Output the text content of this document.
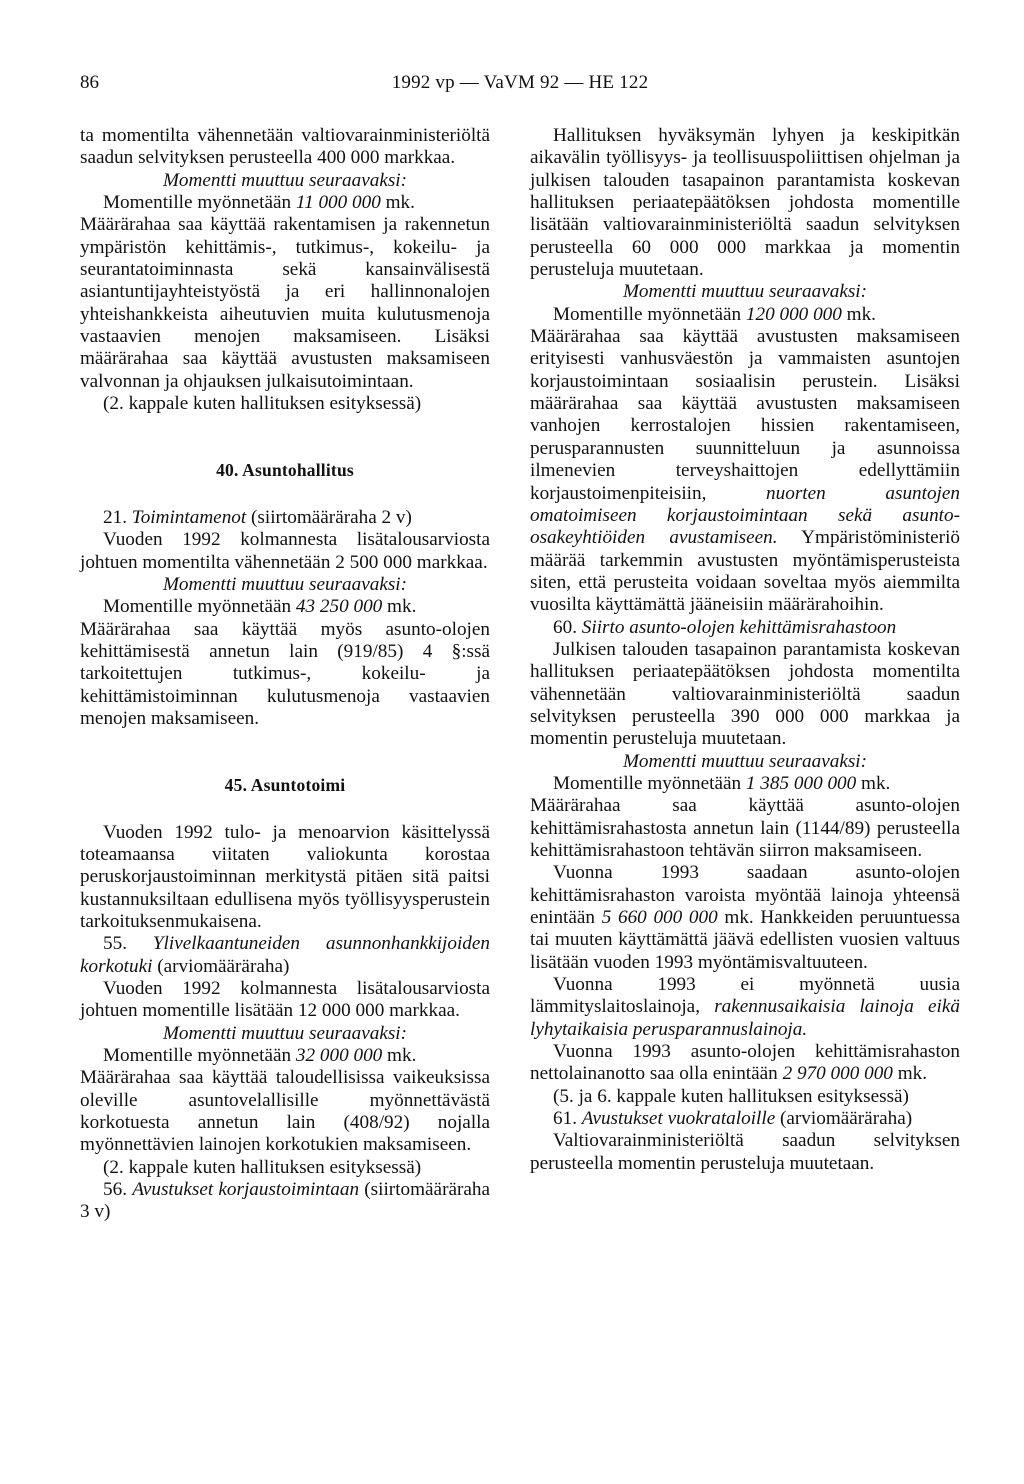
86	1992 vp — VaVM 92 — HE 122

ta momentilta vähennetään valtiovarainministeriöltä saadun selvityksen perusteella 400 000 markkaa.

Momentti muuttuu seuraavaksi:

Momentille myönnetään 11 000 000 mk.

Määrärahaa saa käyttää rakentamisen ja rakennetun ympäristön kehittämis-, tutkimus-, kokeilu- ja seurantatoiminnasta sekä kansainvälisestä asiantuntijayhteistyöstä ja eri hallinnonalojen yhteishankkeista aiheutuvien muita kulutusmenoja vastaavien menojen maksamiseen. Lisäksi määrärahaa saa käyttää avustusten maksamiseen valvonnan ja ohjauksen julkaisutoimintaan.

(2. kappale kuten hallituksen esityksessä)

40. Asuntohallitus

21. Toimintamenot (siirtomääräraha 2 v)

Vuoden 1992 kolmannesta lisätalousarviosta johtuen momentilta vähennetään 2 500 000 markkaa.

Momentti muuttuu seuraavaksi:

Momentille myönnetään 43 250 000 mk.

Määrärahaa saa käyttää myös asunto-olojen kehittämisestä annetun lain (919/85) 4 §:ssä tarkoitettujen tutkimus-, kokeilu- ja kehittämistoiminnan kulutusmenoja vastaavien menojen maksamiseen.

45. Asuntotoimi

Vuoden 1992 tulo- ja menoarvion käsittelyssä toteamaansa viitaten valiokunta korostaa peruskorjaustoiminnan merkitystä pitäen sitä paitsi kustannuksiltaan edullisena myös työllisyysperustein tarkoituksenmukaisena.

55. Ylivelkaantuneiden asunnonhankkijoiden korkotuki (arviomääräraha)

Vuoden 1992 kolmannesta lisätalousarviosta johtuen momentille lisätään 12 000 000 markkaa.

Momentti muuttuu seuraavaksi:

Momentille myönnetään 32 000 000 mk.

Määrärahaa saa käyttää taloudellisissa vaikeuksissa oleville asuntovelallisille myönnettävästä korkotuesta annetun lain (408/92) nojalla myönnettävien lainojen korkotukien maksamiseen.

(2. kappale kuten hallituksen esityksessä)

56. Avustukset korjaustoimintaan (siirtomääräraha 3 v)

Hallituksen hyväksymän lyhyen ja keskipitkän aikavälin työllisyys- ja teollisuuspoliittisen ohjelman ja julkisen talouden tasapainon parantamista koskevan hallituksen periaatepäätöksen johdosta momentille lisätään valtiovarainministeriöltä saadun selvityksen perusteella 60 000 000 markkaa ja momentin perusteluja muutetaan.

Momentti muuttuu seuraavaksi:

Momentille myönnetään 120 000 000 mk.

Määrärahaa saa käyttää avustusten maksamiseen erityisesti vanhusväestön ja vammaisten asuntojen korjaustoimintaan sosiaalisin perustein. Lisäksi määrärahaa saa käyttää avustusten maksamiseen vanhojen kerrostalojen hissien rakentamiseen, perusparannusten suunnitteluun ja asunnoissa ilmenevien terveyshaittojen edellyttämiin korjaustoimenpiteisiin, nuorten asuntojen omatoimiseen korjaustoimintaan sekä asunto-osakeyhtiöiden avustamiseen. Ympäristöministeriö määrää tarkemmin avustusten myöntämisperusteista siten, että perusteita voidaan soveltaa myös aiemmilta vuosilta käyttämättä jääneisiin määrärahoihin.

60. Siirto asunto-olojen kehittämisrahastoon

Julkisen talouden tasapainon parantamista koskevan hallituksen periaatepäätöksen johdosta momentilta vähennetään valtiovarainministeriöltä saadun selvityksen perusteella 390 000 000 markkaa ja momentin perusteluja muutetaan.

Momentti muuttuu seuraavaksi:

Momentille myönnetään 1 385 000 000 mk.

Määrärahaa saa käyttää asunto-olojen kehittämisrahastosta annetun lain (1144/89) perusteella kehittämisrahastoon tehtävän siirron maksamiseen.

Vuonna 1993 saadaan asunto-olojen kehittämisrahaston varoista myöntää lainoja yhteensä enintään 5 660 000 000 mk. Hankkeiden peruuntuessa tai muuten käyttämättä jäävä edellisten vuosien valtuus lisätään vuoden 1993 myöntämisvaltuuteen.

Vuonna 1993 ei myönnetä uusia lämmityslaitoslainoja, rakennusaikaisia lainoja eikä lyhytaikaisia perusparannuslainoja.

Vuonna 1993 asunto-olojen kehittämisrahaston nettolainanotto saa olla enintään 2 970 000 000 mk.

(5. ja 6. kappale kuten hallituksen esityksessä)

61. Avustukset vuokrataloille (arviomääräraha)

Valtiovarainministeriöltä saadun selvityksen perusteella momentin perusteluja muutetaan.
